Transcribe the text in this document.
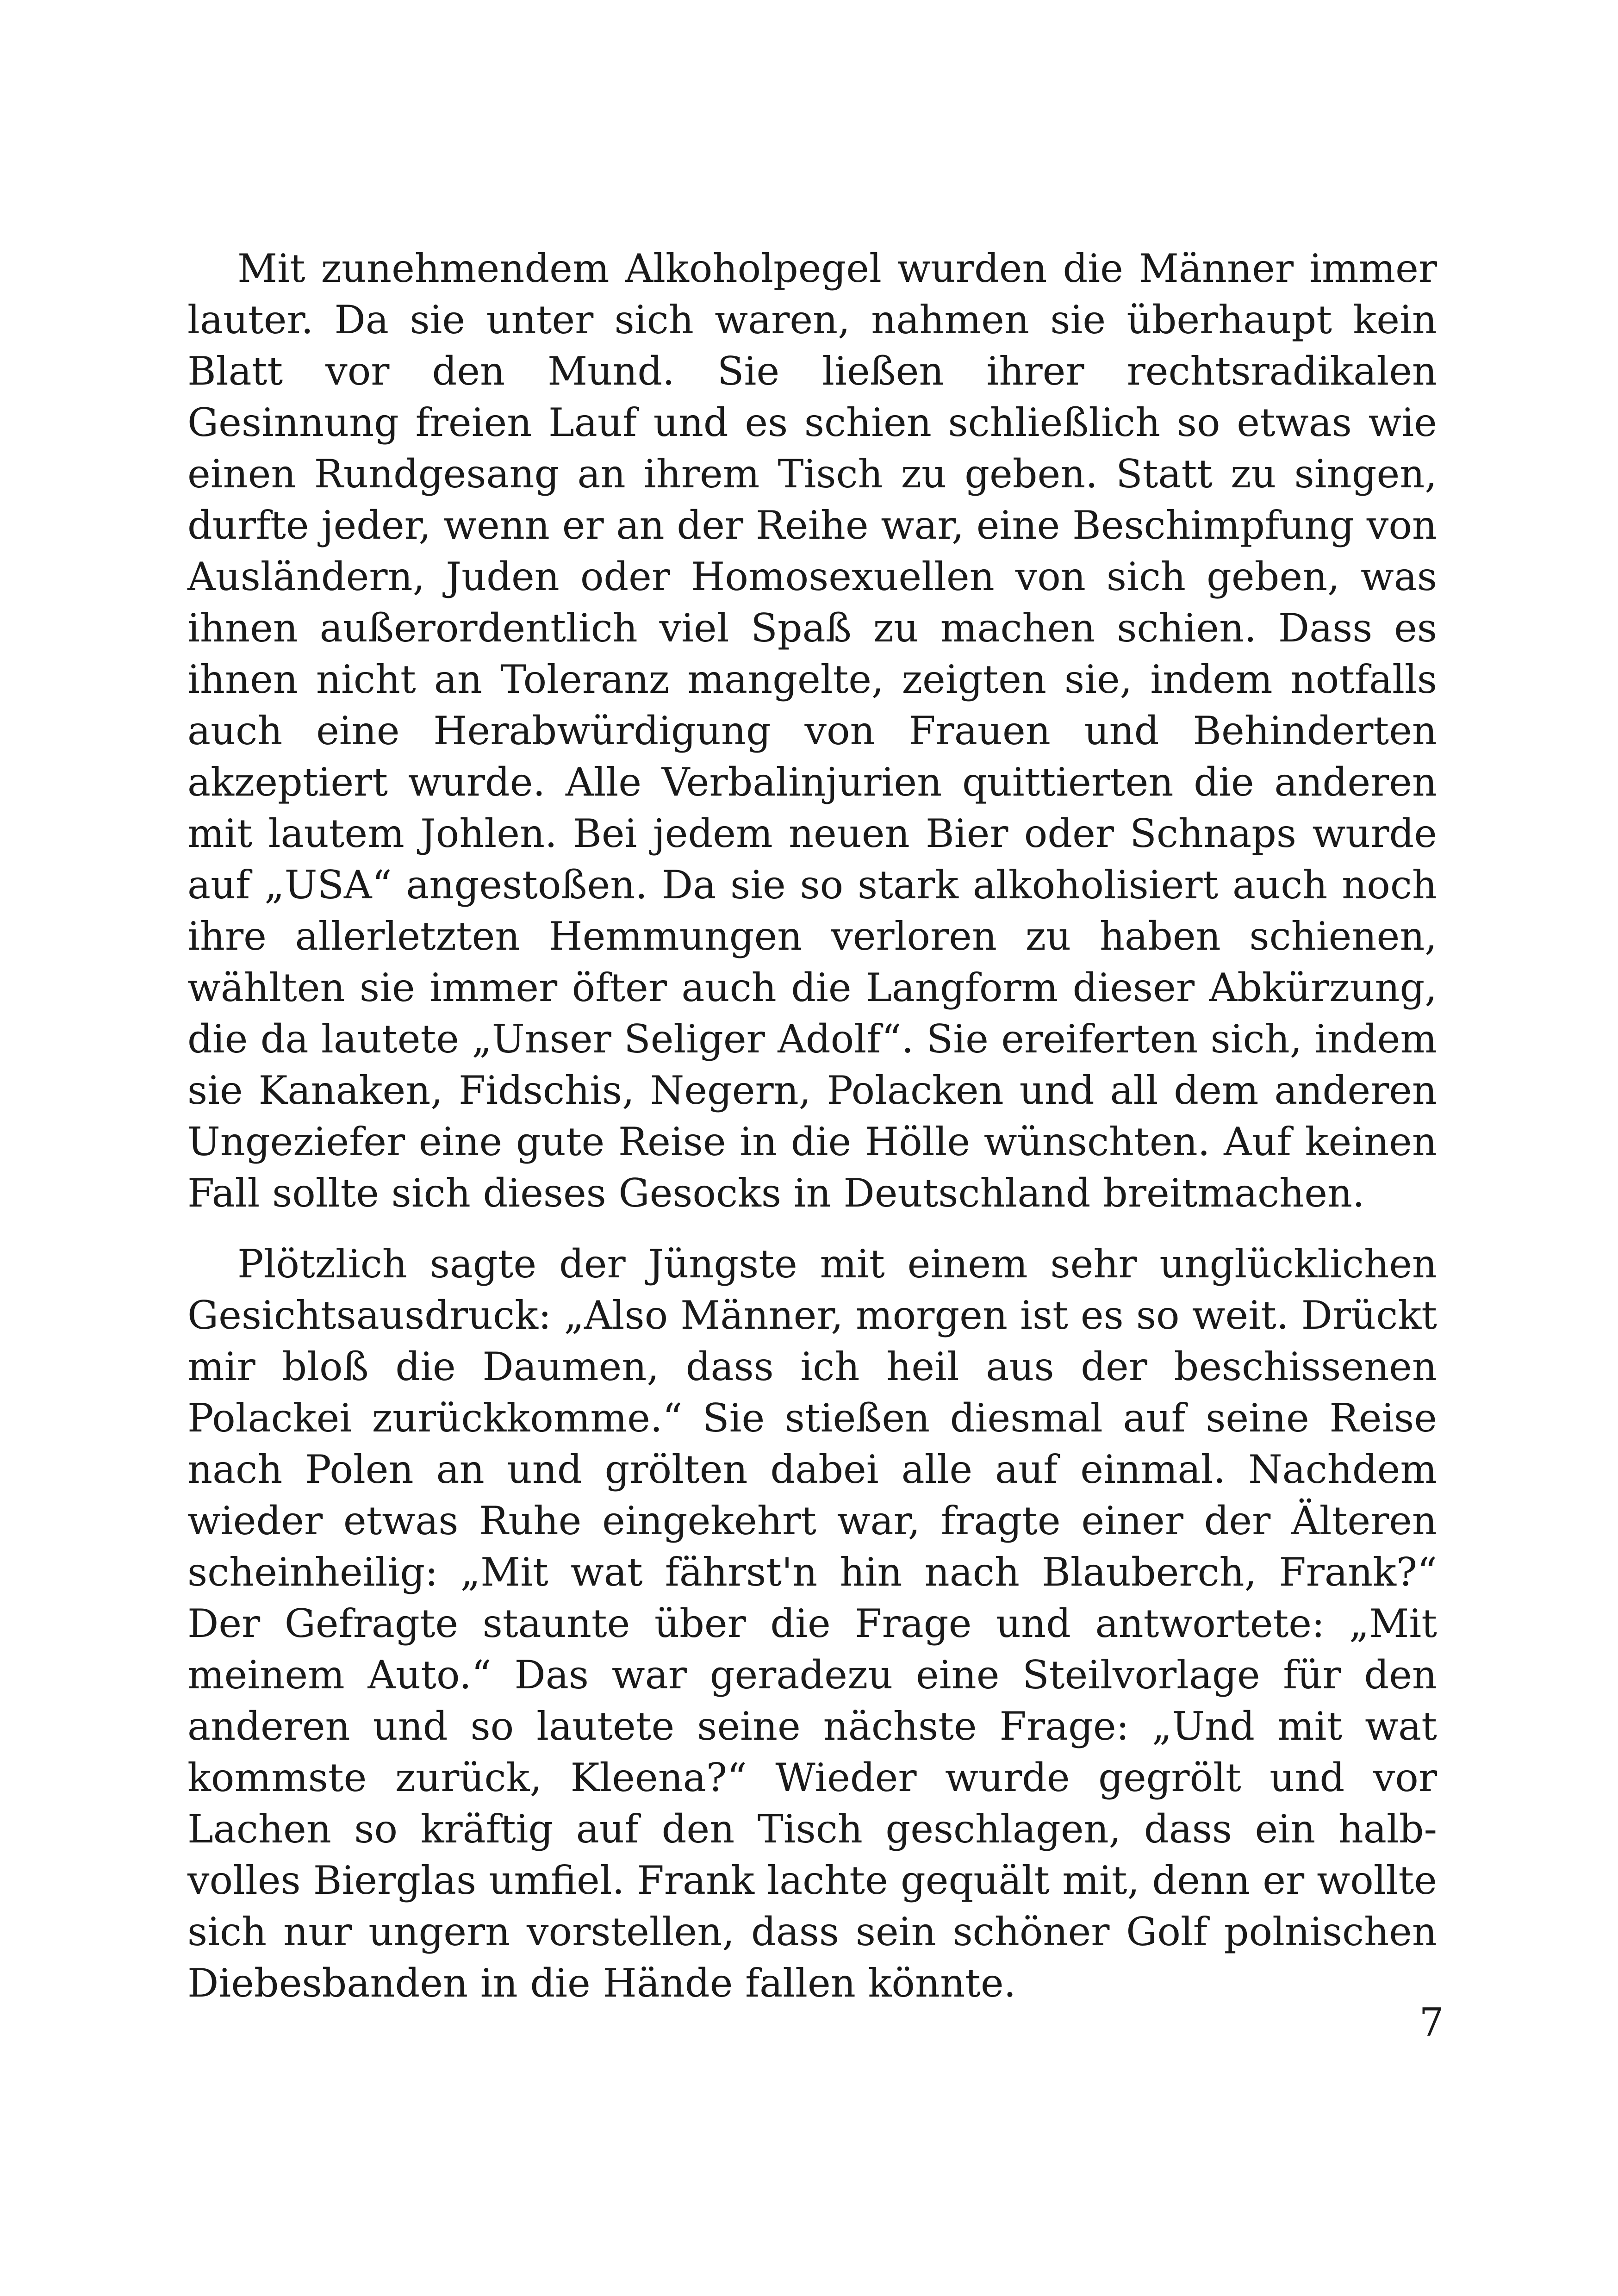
Mit zunehmendem Alkoholpegel wurden die Männer immer lauter. Da sie unter sich waren, nahmen sie überhaupt kein Blatt vor den Mund. Sie ließen ihrer rechtsradikalen Gesinnung freien Lauf und es schien schließlich so etwas wie einen Rundgesang an ihrem Tisch zu geben. Statt zu singen, durfte jeder, wenn er an der Reihe war, eine Beschimpfung von Ausländern, Juden oder Homosexuellen von sich geben, was ihnen außerordentlich viel Spaß zu machen schien. Dass es ihnen nicht an Toleranz mangelte, zeigten sie, indem notfalls auch eine Herabwürdigung von Frauen und Behinderten akzeptiert wurde. Alle Verbalinjurien quittierten die anderen mit lautem Johlen. Bei jedem neuen Bier oder Schnaps wurde auf „USA“ angestoßen. Da sie so stark alkoholisiert auch noch ihre allerletzten Hemmungen verloren zu haben schienen, wählten sie immer öfter auch die Langform dieser Abkürzung, die da lautete „Unser Seliger Adolf“. Sie ereiferten sich, indem sie Kanaken, Fidschis, Negern, Polacken und all dem anderen Ungeziefer eine gute Reise in die Hölle wünschten. Auf keinen Fall sollte sich dieses Gesocks in Deutschland breitmachen.

Plötzlich sagte der Jüngste mit einem sehr unglücklichen Gesichtsausdruck: „Also Männer, morgen ist es so weit. Drückt mir bloß die Daumen, dass ich heil aus der beschissenen Polackei zurückkomme.“ Sie stießen diesmal auf seine Reise nach Polen an und grölten dabei alle auf einmal. Nachdem wieder etwas Ruhe eingekehrt war, fragte einer der Älteren scheinheilig: „Mit wat fährst'n hin nach Blauberch, Frank?“ Der Gefragte staunte über die Frage und antwortete: „Mit meinem Auto.“ Das war geradezu eine Steilvorlage für den anderen und so lautete seine nächste Frage: „Und mit wat kommste zurück, Kleena?“ Wieder wurde gegrölt und vor Lachen so kräftig auf den Tisch geschlagen, dass ein halbvolles Bierglas umfiel. Frank lachte gequält mit, denn er wollte sich nur ungern vorstellen, dass sein schöner Golf polnischen Diebesbanden in die Hände fallen könnte.

7
